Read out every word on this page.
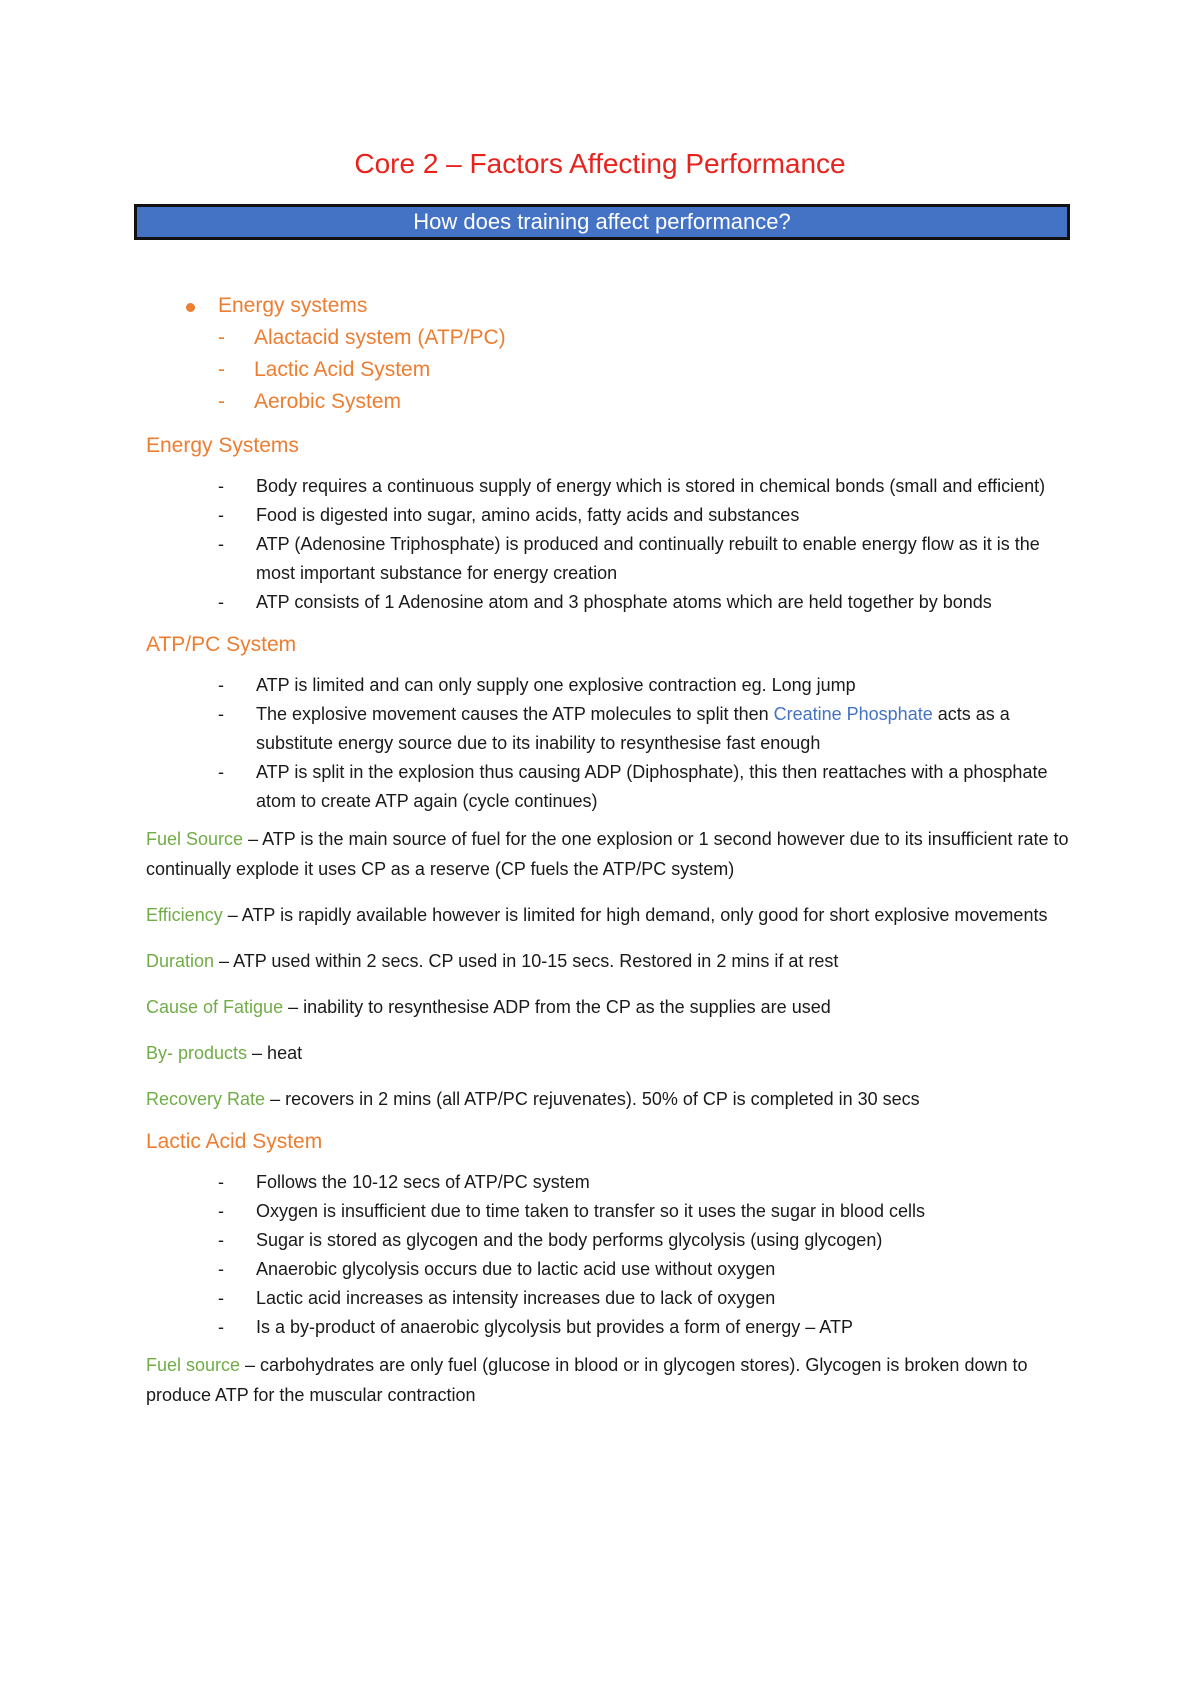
Core 2 – Factors Affecting Performance
How does training affect performance?
Energy systems
- Alactacid system (ATP/PC)
- Lactic Acid System
- Aerobic System
Energy Systems
- Body requires a continuous supply of energy which is stored in chemical bonds (small and efficient)
- Food is digested into sugar, amino acids, fatty acids and substances
- ATP (Adenosine Triphosphate) is produced and continually rebuilt to enable energy flow as it is the most important substance for energy creation
- ATP consists of 1 Adenosine atom and 3 phosphate atoms which are held together by bonds
ATP/PC System
- ATP is limited and can only supply one explosive contraction eg. Long jump
- The explosive movement causes the ATP molecules to split then Creatine Phosphate acts as a substitute energy source due to its inability to resynthesise fast enough
- ATP is split in the explosion thus causing ADP (Diphosphate), this then reattaches with a phosphate atom to create ATP again (cycle continues)

Fuel Source – ATP is the main source of fuel for the one explosion or 1 second however due to its insufficient rate to continually explode it uses CP as a reserve (CP fuels the ATP/PC system)

Efficiency – ATP is rapidly available however is limited for high demand, only good for short explosive movements

Duration – ATP used within 2 secs. CP used in 10-15 secs. Restored in 2 mins if at rest

Cause of Fatigue – inability to resynthesise ADP from the CP as the supplies are used

By- products – heat

Recovery Rate – recovers in 2 mins (all ATP/PC rejuvenates). 50% of CP is completed in 30 secs

Lactic Acid System
- Follows the 10-12 secs of ATP/PC system
- Oxygen is insufficient due to time taken to transfer so it uses the sugar in blood cells
- Sugar is stored as glycogen and the body performs glycolysis (using glycogen)
- Anaerobic glycolysis occurs due to lactic acid use without oxygen
- Lactic acid increases as intensity increases due to lack of oxygen
- Is a by-product of anaerobic glycolysis but provides a form of energy – ATP

Fuel source – carbohydrates are only fuel (glucose in blood or in glycogen stores). Glycogen is broken down to produce ATP for the muscular contraction
